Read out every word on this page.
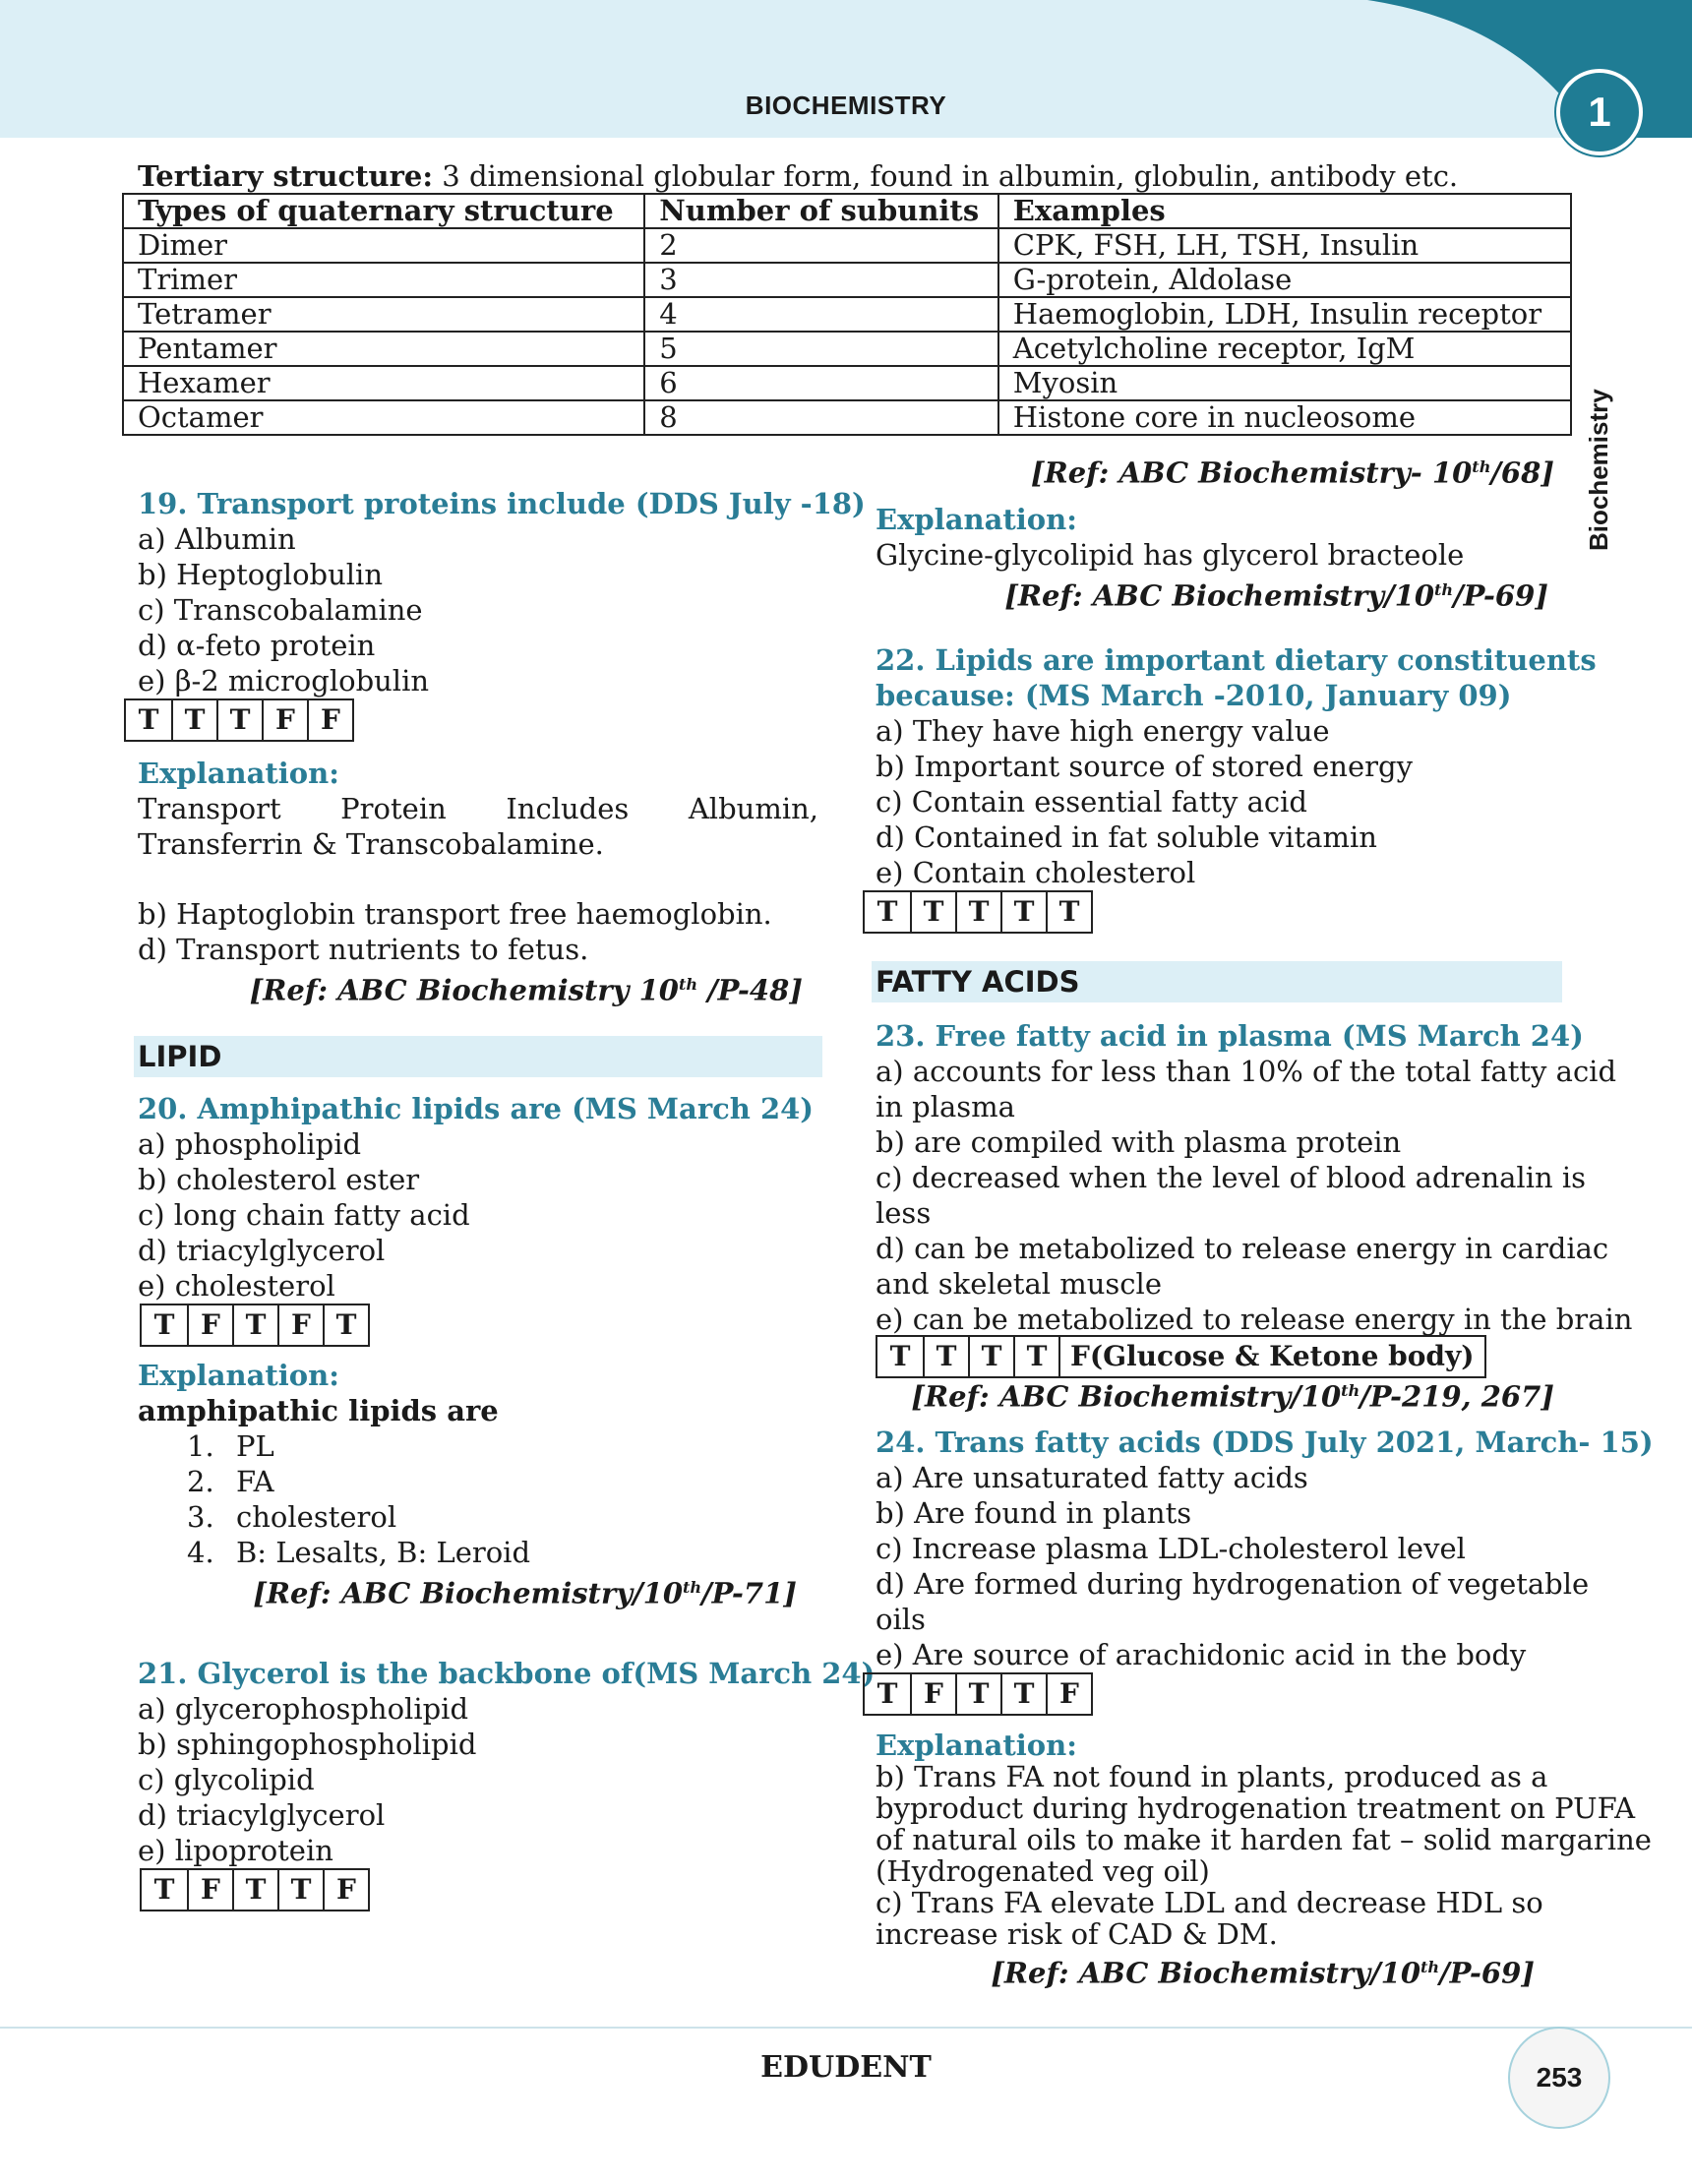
BIOCHEMISTRY	1
Biochemistry
Tertiary structure: 3 dimensional globular form, found in albumin, globulin, antibody etc.
Types of quaternary structure	Number of subunits	Examples
Dimer	2	CPK, FSH, LH, TSH, Insulin
Trimer	3	G-protein, Aldolase
Tetramer	4	Haemoglobin, LDH, Insulin receptor
Pentamer	5	Acetylcholine receptor, IgM
Hexamer	6	Myosin
Octamer	8	Histone core in nucleosome
[Ref: ABC Biochemistry- 10th/68]
19. Transport proteins include (DDS July -18)
a) Albumin
b) Heptoglobulin
c) Transcobalamine
d) α-feto protein
e) β-2 microglobulin
T T T F F
Explanation:
Transport Protein Includes Albumin, Transferrin & Transcobalamine.
b) Haptoglobin transport free haemoglobin.
d) Transport nutrients to fetus.
[Ref: ABC Biochemistry 10th /P-48]
LIPID
20. Amphipathic lipids are (MS March 24)
a) phospholipid
b) cholesterol ester
c) long chain fatty acid
d) triacylglycerol
e) cholesterol
T F T F T
Explanation:
amphipathic lipids are
1. PL
2. FA
3. cholesterol
4. B: Lesalts, B: Leroid
[Ref: ABC Biochemistry/10th/P-71]
21. Glycerol is the backbone of(MS March 24)
a) glycerophospholipid
b) sphingophospholipid
c) glycolipid
d) triacylglycerol
e) lipoprotein
T F T T F
Explanation:
Glycine-glycolipid has glycerol bracteole
[Ref: ABC Biochemistry/10th/P-69]
22. Lipids are important dietary constituents
because: (MS March -2010, January 09)
a) They have high energy value
b) Important source of stored energy
c) Contain essential fatty acid
d) Contained in fat soluble vitamin
e) Contain cholesterol
T T T T T
FATTY ACIDS
23. Free fatty acid in plasma (MS March 24)
a) accounts for less than 10% of the total fatty acid
in plasma
b) are compiled with plasma protein
c) decreased when the level of blood adrenalin is
less
d) can be metabolized to release energy in cardiac
and skeletal muscle
e) can be metabolized to release energy in the brain
T T T T F(Glucose & Ketone body)
[Ref: ABC Biochemistry/10th/P-219, 267]
24. Trans fatty acids (DDS July 2021, March- 15)
a) Are unsaturated fatty acids
b) Are found in plants
c) Increase plasma LDL-cholesterol level
d) Are formed during hydrogenation of vegetable
oils
e) Are source of arachidonic acid in the body
T F T T F
Explanation:
b) Trans FA not found in plants, produced as a
byproduct during hydrogenation treatment on PUFA
of natural oils to make it harden fat – solid margarine
(Hydrogenated veg oil)
c) Trans FA elevate LDL and decrease HDL so
increase risk of CAD & DM.
[Ref: ABC Biochemistry/10th/P-69]
EDUDENT	253
